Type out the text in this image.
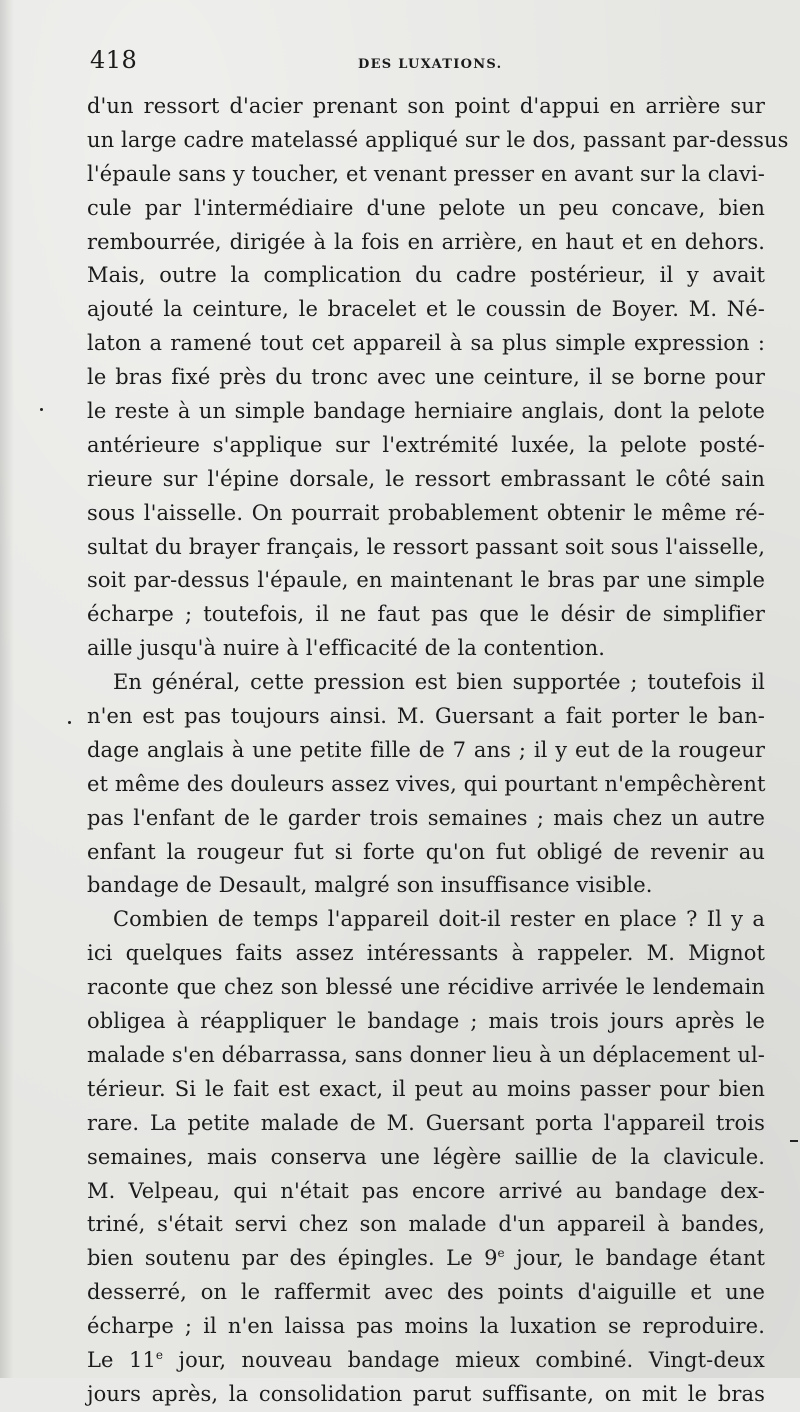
418	DES LUXATIONS.
d'un ressort d'acier prenant son point d'appui en arrière sur
un large cadre matelassé appliqué sur le dos, passant par-dessus
l'épaule sans y toucher, et venant presser en avant sur la clavi-
cule par l'intermédiaire d'une pelote un peu concave, bien
rembourrée, dirigée à la fois en arrière, en haut et en dehors.
Mais, outre la complication du cadre postérieur, il y avait
ajouté la ceinture, le bracelet et le coussin de Boyer. M. Né-
laton a ramené tout cet appareil à sa plus simple expression :
le bras fixé près du tronc avec une ceinture, il se borne pour
le reste à un simple bandage herniaire anglais, dont la pelote
antérieure s'applique sur l'extrémité luxée, la pelote posté-
rieure sur l'épine dorsale, le ressort embrassant le côté sain
sous l'aisselle. On pourrait probablement obtenir le même ré-
sultat du brayer français, le ressort passant soit sous l'aisselle,
soit par-dessus l'épaule, en maintenant le bras par une simple
écharpe ; toutefois, il ne faut pas que le désir de simplifier
aille jusqu'à nuire à l'efficacité de la contention.
En général, cette pression est bien supportée ; toutefois il
n'en est pas toujours ainsi. M. Guersant a fait porter le ban-
dage anglais à une petite fille de 7 ans ; il y eut de la rougeur
et même des douleurs assez vives, qui pourtant n'empêchèrent
pas l'enfant de le garder trois semaines ; mais chez un autre
enfant la rougeur fut si forte qu'on fut obligé de revenir au
bandage de Desault, malgré son insuffisance visible.
Combien de temps l'appareil doit-il rester en place ? Il y a
ici quelques faits assez intéressants à rappeler. M. Mignot
raconte que chez son blessé une récidive arrivée le lendemain
obligea à réappliquer le bandage ; mais trois jours après le
malade s'en débarrassa, sans donner lieu à un déplacement ul-
térieur. Si le fait est exact, il peut au moins passer pour bien
rare. La petite malade de M. Guersant porta l'appareil trois
semaines, mais conserva une légère saillie de la clavicule.
M. Velpeau, qui n'était pas encore arrivé au bandage dex-
triné, s'était servi chez son malade d'un appareil à bandes,
bien soutenu par des épingles. Le 9e jour, le bandage étant
desserré, on le raffermit avec des points d'aiguille et une
écharpe ; il n'en laissa pas moins la luxation se reproduire.
Le 11e jour, nouveau bandage mieux combiné. Vingt-deux
jours après, la consolidation parut suffisante, on mit le bras
